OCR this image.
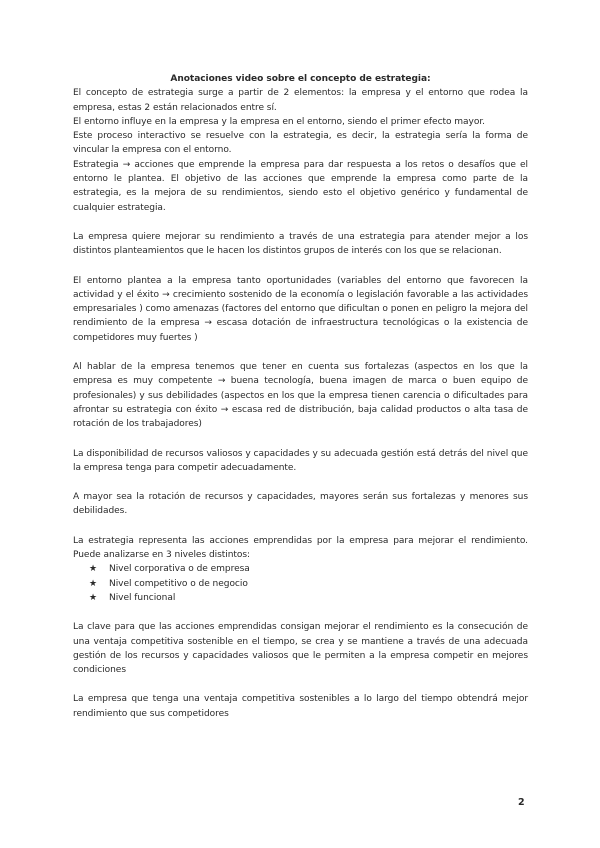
Anotaciones video sobre el concepto de estrategia:

El concepto de estrategia surge a partir de 2 elementos: la empresa y el entorno que rodea la empresa, estas 2 están relacionados entre sí.

El entorno influye en la empresa y la empresa en el entorno, siendo el primer efecto mayor.

Este proceso interactivo se resuelve con la estrategia, es decir, la estrategia sería la forma de vincular la empresa con el entorno.

Estrategia → acciones que emprende la empresa para dar respuesta a los retos o desafíos que el entorno le plantea. El objetivo de las acciones que emprende la empresa como parte de la estrategia, es la mejora de su rendimientos, siendo esto el objetivo genérico y fundamental de cualquier estrategia.

La empresa quiere mejorar su rendimiento a través de una estrategia para atender mejor a los distintos planteamientos que le hacen los distintos grupos de interés con los que se relacionan.

El entorno plantea a la empresa tanto oportunidades (variables del entorno que favorecen la actividad y el éxito → crecimiento sostenido de la economía o legislación favorable a las actividades empresariales ) como amenazas (factores del entorno que dificultan o ponen en peligro la mejora del rendimiento de la empresa → escasa dotación de infraestructura tecnológicas o la existencia de competidores muy fuertes )

Al hablar de la empresa tenemos que tener en cuenta sus fortalezas (aspectos en los que la empresa es muy competente → buena tecnología, buena imagen de marca o buen equipo de profesionales) y sus debilidades (aspectos en los que la empresa tienen carencia o dificultades para afrontar su estrategia con éxito → escasa red de distribución, baja calidad productos o alta tasa de rotación de los trabajadores)

La disponibilidad de recursos valiosos y capacidades y su adecuada gestión está detrás del nivel que la empresa tenga para competir adecuadamente.

A mayor sea la rotación de recursos y capacidades, mayores serán sus fortalezas y menores sus debilidades.

La estrategia representa las acciones emprendidas por la empresa para mejorar el rendimiento. Puede analizarse en 3 niveles distintos:

★ Nivel corporativa o de empresa
★ Nivel competitivo o de negocio
★ Nivel funcional

La clave para que las acciones emprendidas consigan mejorar el rendimiento es la consecución de una ventaja competitiva sostenible en el tiempo, se crea y se mantiene a través de una adecuada gestión de los recursos y capacidades valiosos que le permiten a la empresa competir en mejores condiciones

La empresa que tenga una ventaja competitiva sostenibles a lo largo del tiempo obtendrá mejor rendimiento que sus competidores

2
